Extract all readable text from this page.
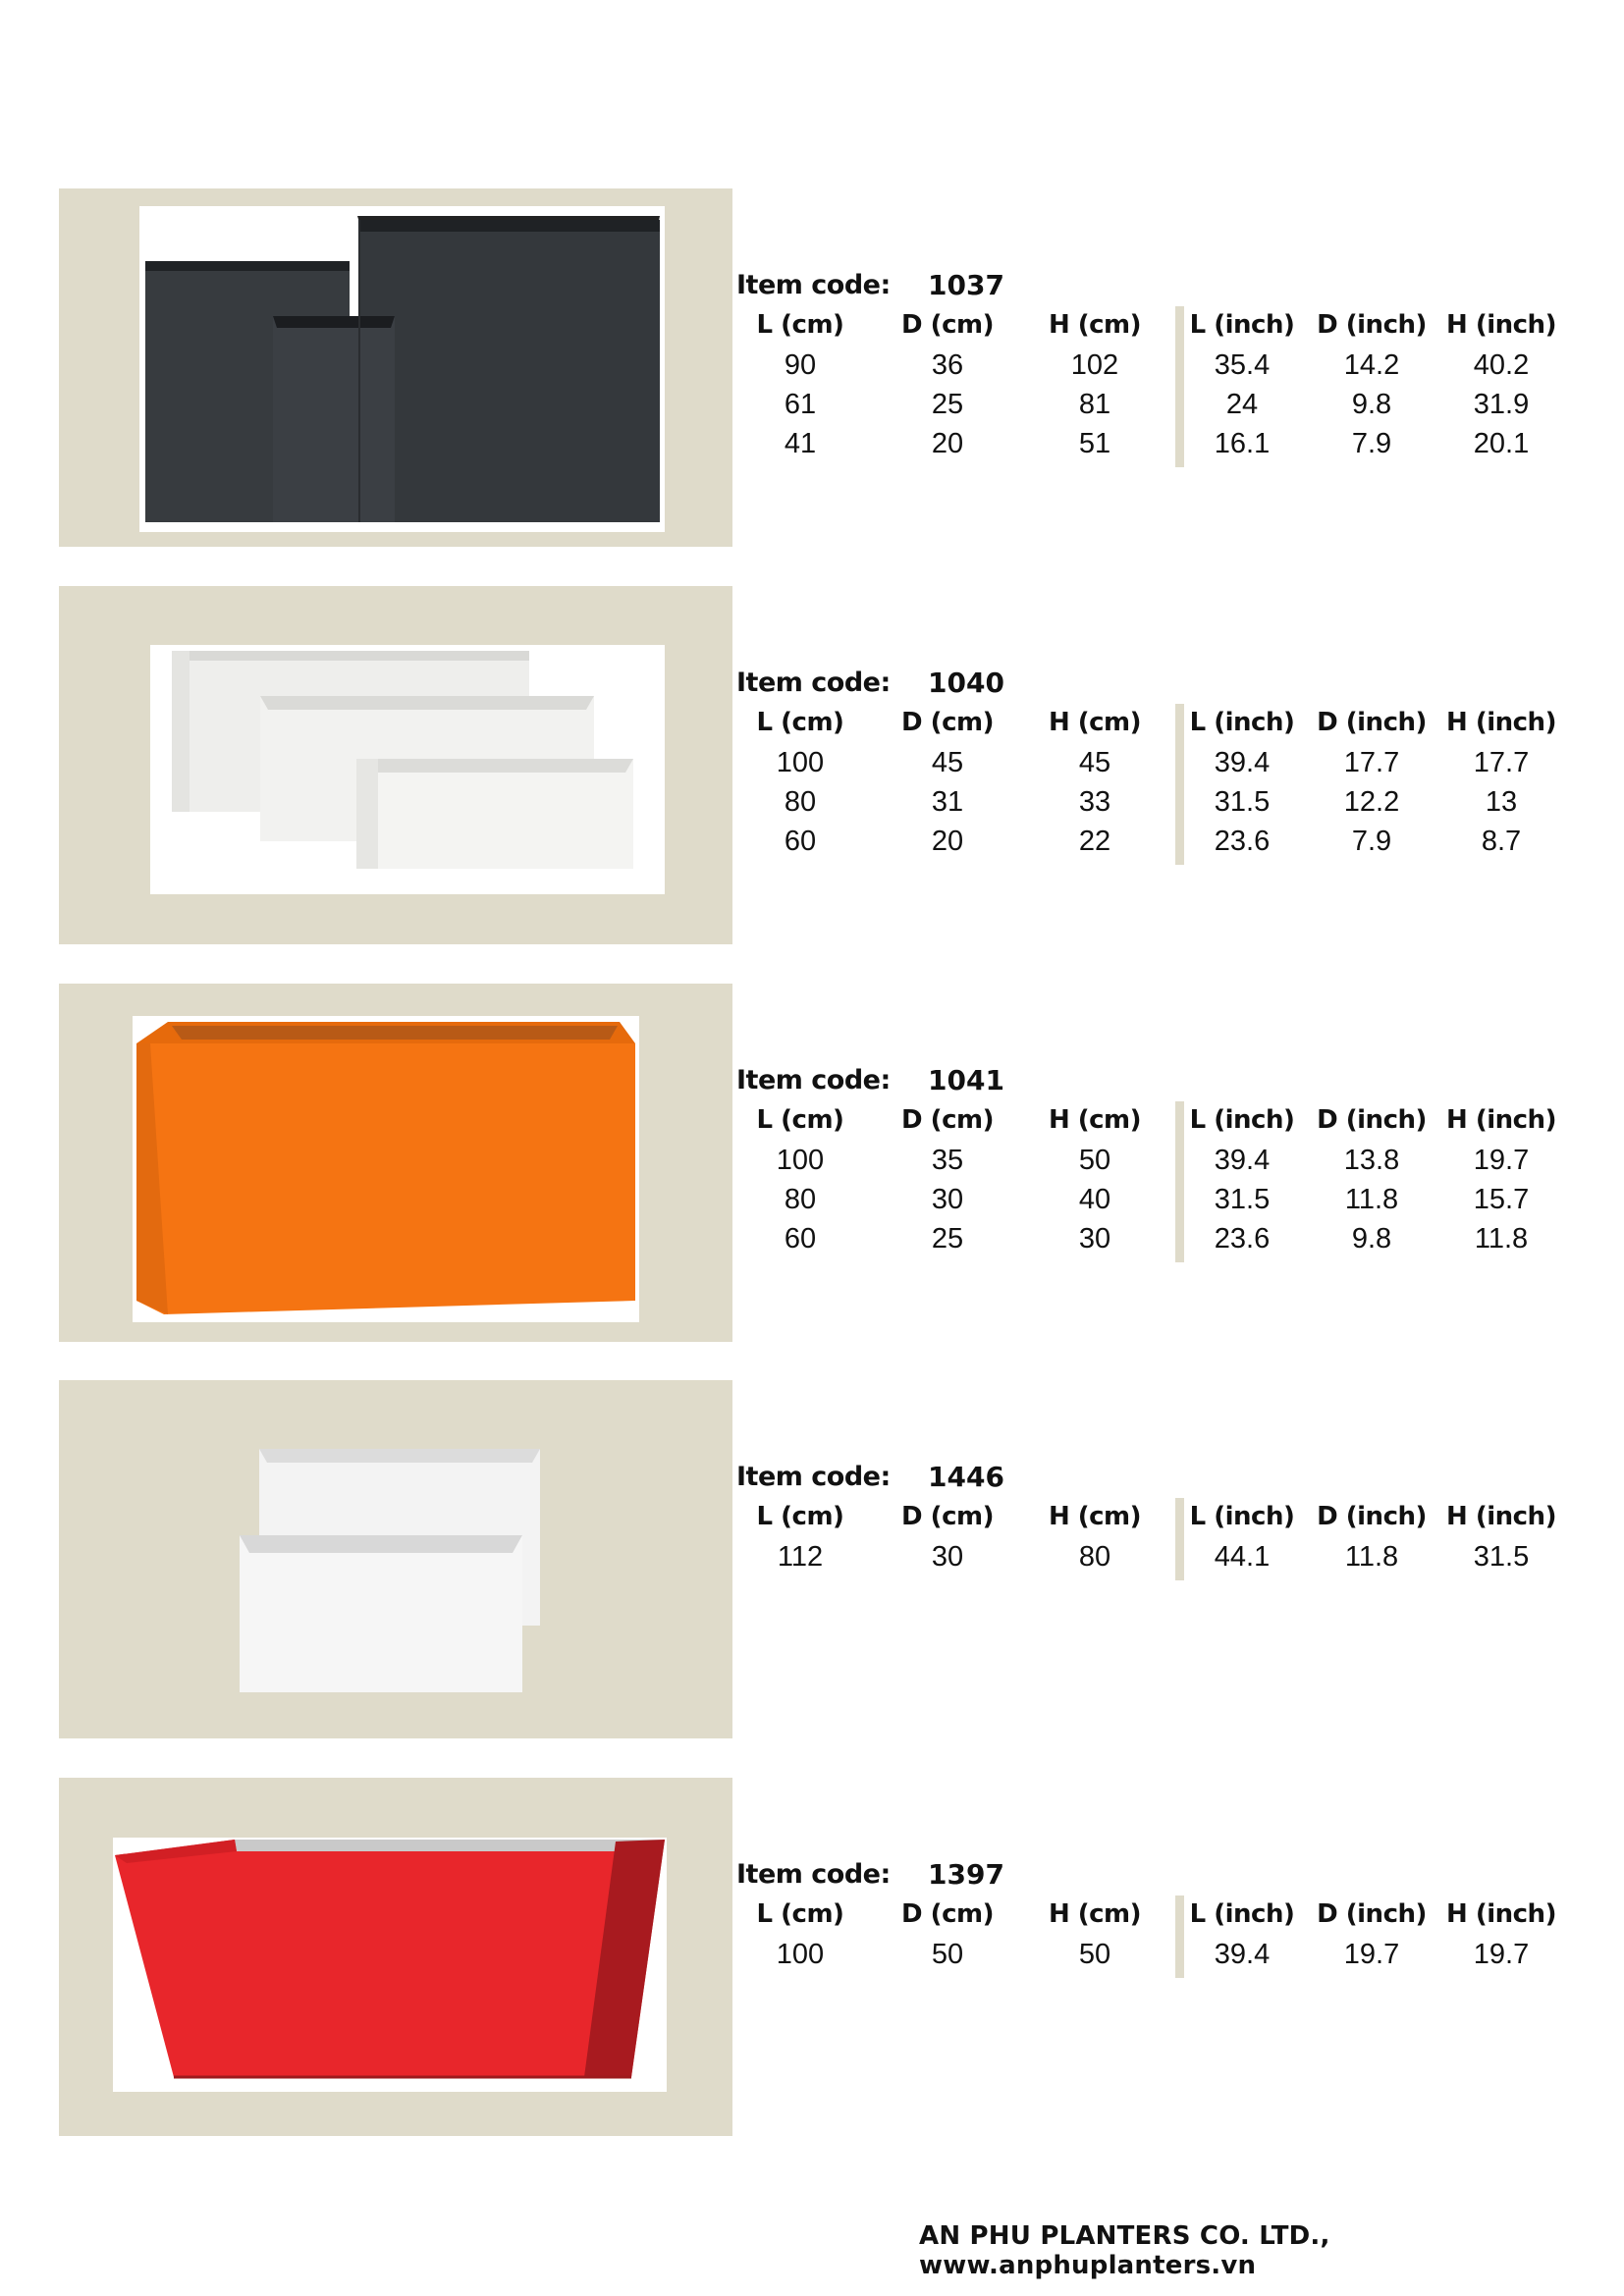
Item code: 1037
L (cm)	D (cm)	H (cm)	L (inch) D (inch) H (inch)
90	36	102	35.4	14.2	40.2
61	25	81	24	9.8	31.9
41	20	51	16.1	7.9	20.1
Item code: 1040
L (cm)	D (cm)	H (cm)	L (inch) D (inch) H (inch)
100	45	45	39.4	17.7	17.7
80	31	33	31.5	12.2	13
60	20	22	23.6	7.9	8.7
Item code: 1041
L (cm)	D (cm)	H (cm)	L (inch) D (inch) H (inch)
100	35	50	39.4	13.8	19.7
80	30	40	31.5	11.8	15.7
60	25	30	23.6	9.8	11.8
Item code: 1446
L (cm)	D (cm)	H (cm)	L (inch) D (inch) H (inch)
112	30	80	44.1	11.8	31.5
Item code: 1397
L (cm)	D (cm)	H (cm)	L (inch) D (inch) H (inch)
100	50	50	39.4	19.7	19.7
AN PHU PLANTERS CO. LTD., www.anphuplanters.vn
